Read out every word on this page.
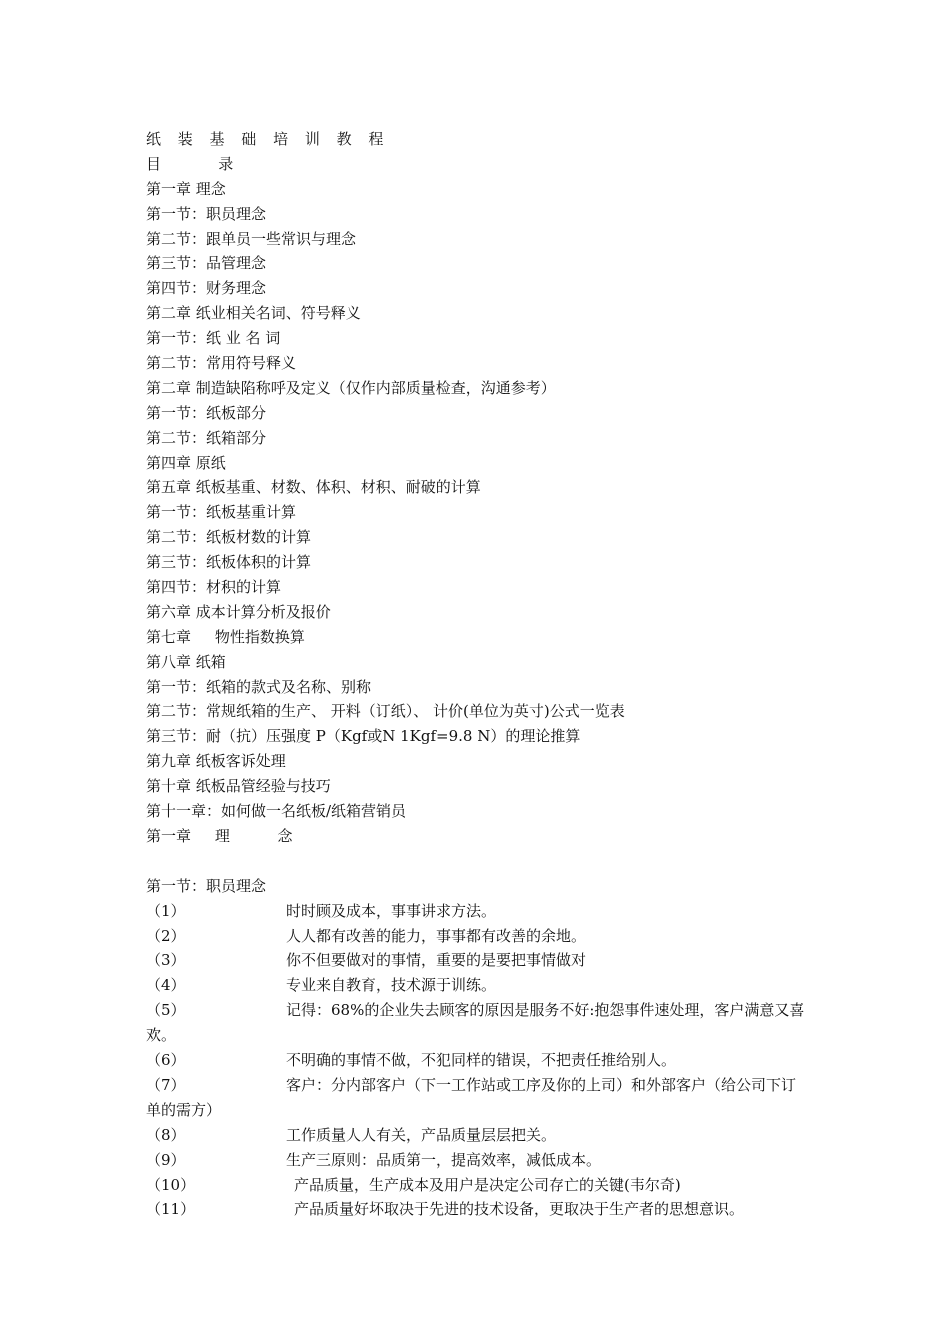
纸 装 基 础 培 训 教 程
目            录
第一章 理念
第一节：职员理念
第二节：跟单员一些常识与理念
第三节：品管理念
第四节：财务理念
第二章 纸业相关名词、符号释义
第一节：纸 业 名 词
第二节：常用符号释义
第二章 制造缺陷称呼及定义（仅作内部质量检查，沟通参考）
第一节：纸板部分
第二节：纸箱部分
第四章 原纸
第五章 纸板基重、材数、体积、材积、耐破的计算
第一节：纸板基重计算
第二节：纸板材数的计算
第三节：纸板体积的计算
第四节：材积的计算
第六章 成本计算分析及报价
第七章     物性指数换算
第八章 纸箱
第一节：纸箱的款式及名称、别称
第二节：常规纸箱的生产、 开料（订纸）、 计价(单位为英寸)公式一览表
第三节：耐（抗）压强度 P（Kgf或N 1Kgf=9.8 N）的理论推算
第九章 纸板客诉处理
第十章 纸板品管经验与技巧
第十一章：如何做一名纸板/纸箱营销员
第一章     理          念
第一节：职员理念
（1）	时时顾及成本，事事讲求方法。
（2）	人人都有改善的能力，事事都有改善的余地。
（3）	你不但要做对的事情，重要的是要把事情做对
（4）	专业来自教育，技术源于训练。
（5）	记得：68%的企业失去顾客的原因是服务不好:抱怨事件速处理，客户满意又喜欢。
（6）	不明确的事情不做，不犯同样的错误，不把责任推给别人。
（7）	客户：分内部客户（下一工作站或工序及你的上司）和外部客户（给公司下订单的需方）
（8）	工作质量人人有关，产品质量层层把关。
（9）	生产三原则：品质第一，提高效率，减低成本。
（10）	产品质量，生产成本及用户是决定公司存亡的关键(韦尔奇)
（11）	产品质量好坏取决于先进的技术设备，更取决于生产者的思想意识。
